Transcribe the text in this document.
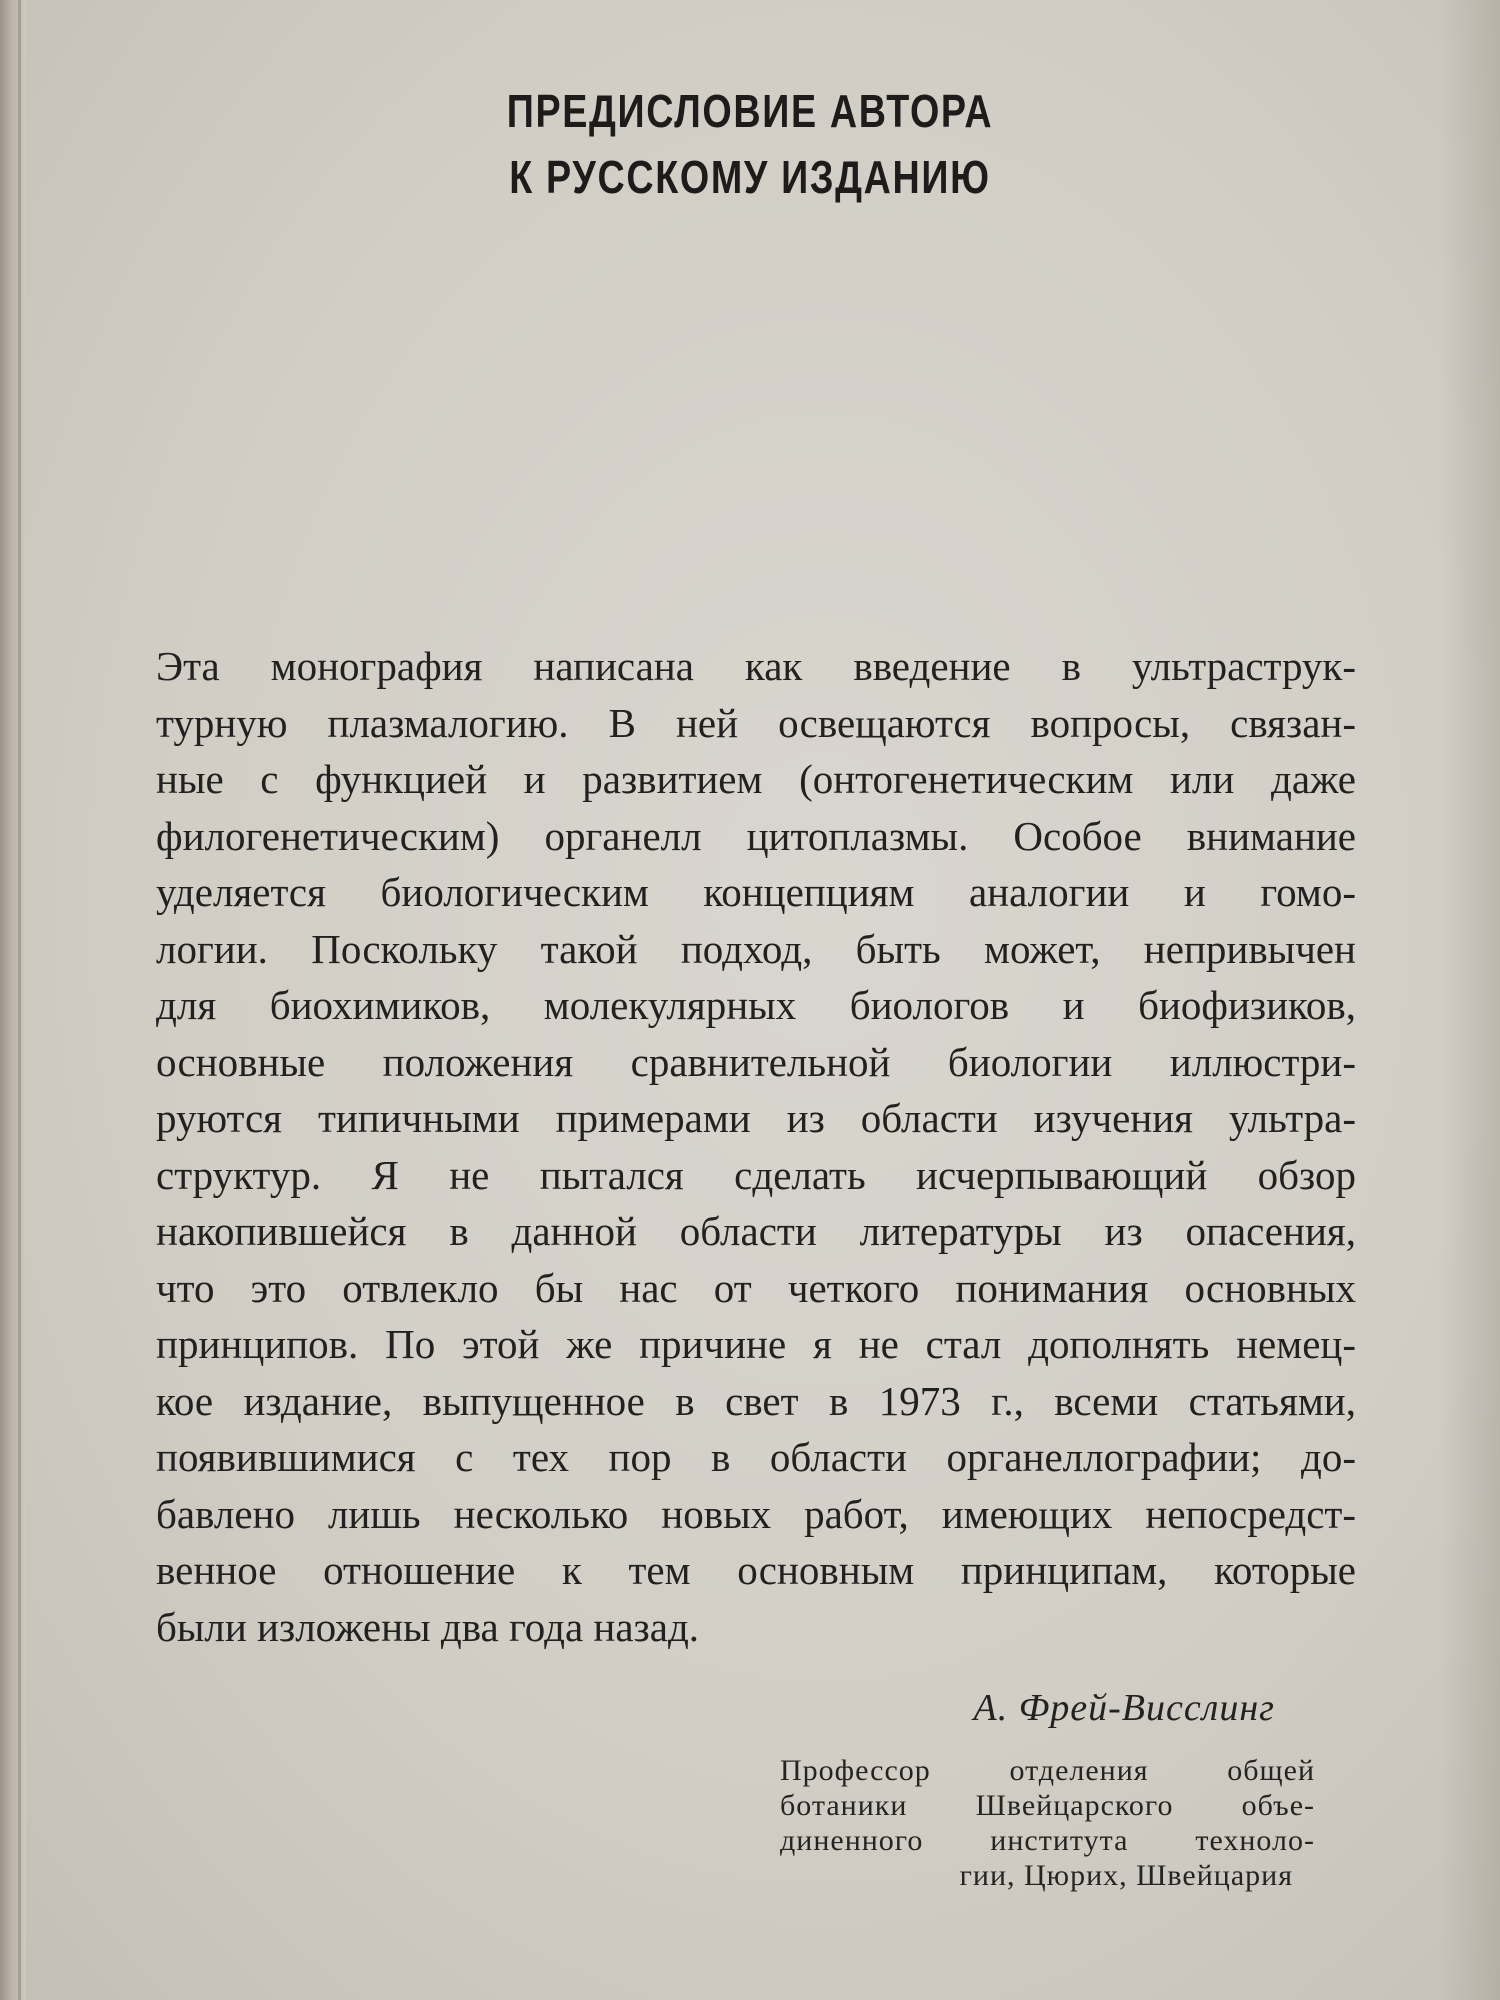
ПРЕДИСЛОВИЕ АВТОРА
К РУССКОМУ ИЗДАНИЮ
Эта монография написана как введение в ультраструк-
турную плазмалогию. В ней освещаются вопросы, связан-
ные с функцией и развитием (онтогенетическим или даже
филогенетическим) органелл цитоплазмы. Особое внимание
уделяется биологическим концепциям аналогии и гомо-
логии. Поскольку такой подход, быть может, непривычен
для биохимиков, молекулярных биологов и биофизиков,
основные положения сравнительной биологии иллюстри-
руются типичными примерами из области изучения ультра-
структур. Я не пытался сделать исчерпывающий обзор
накопившейся в данной области литературы из опасения,
что это отвлекло бы нас от четкого понимания основных
принципов. По этой же причине я не стал дополнять немец-
кое издание, выпущенное в свет в 1973 г., всеми статьями,
появившимися с тех пор в области органеллографии; до-
бавлено лишь несколько новых работ, имеющих непосредст-
венное отношение к тем основным принципам, которые
были изложены два года назад.
А. Фрей-Висслинг
Профессор отделения общей
ботаники Швейцарского объе-
диненного института техноло-
гии, Цюрих, Швейцария
